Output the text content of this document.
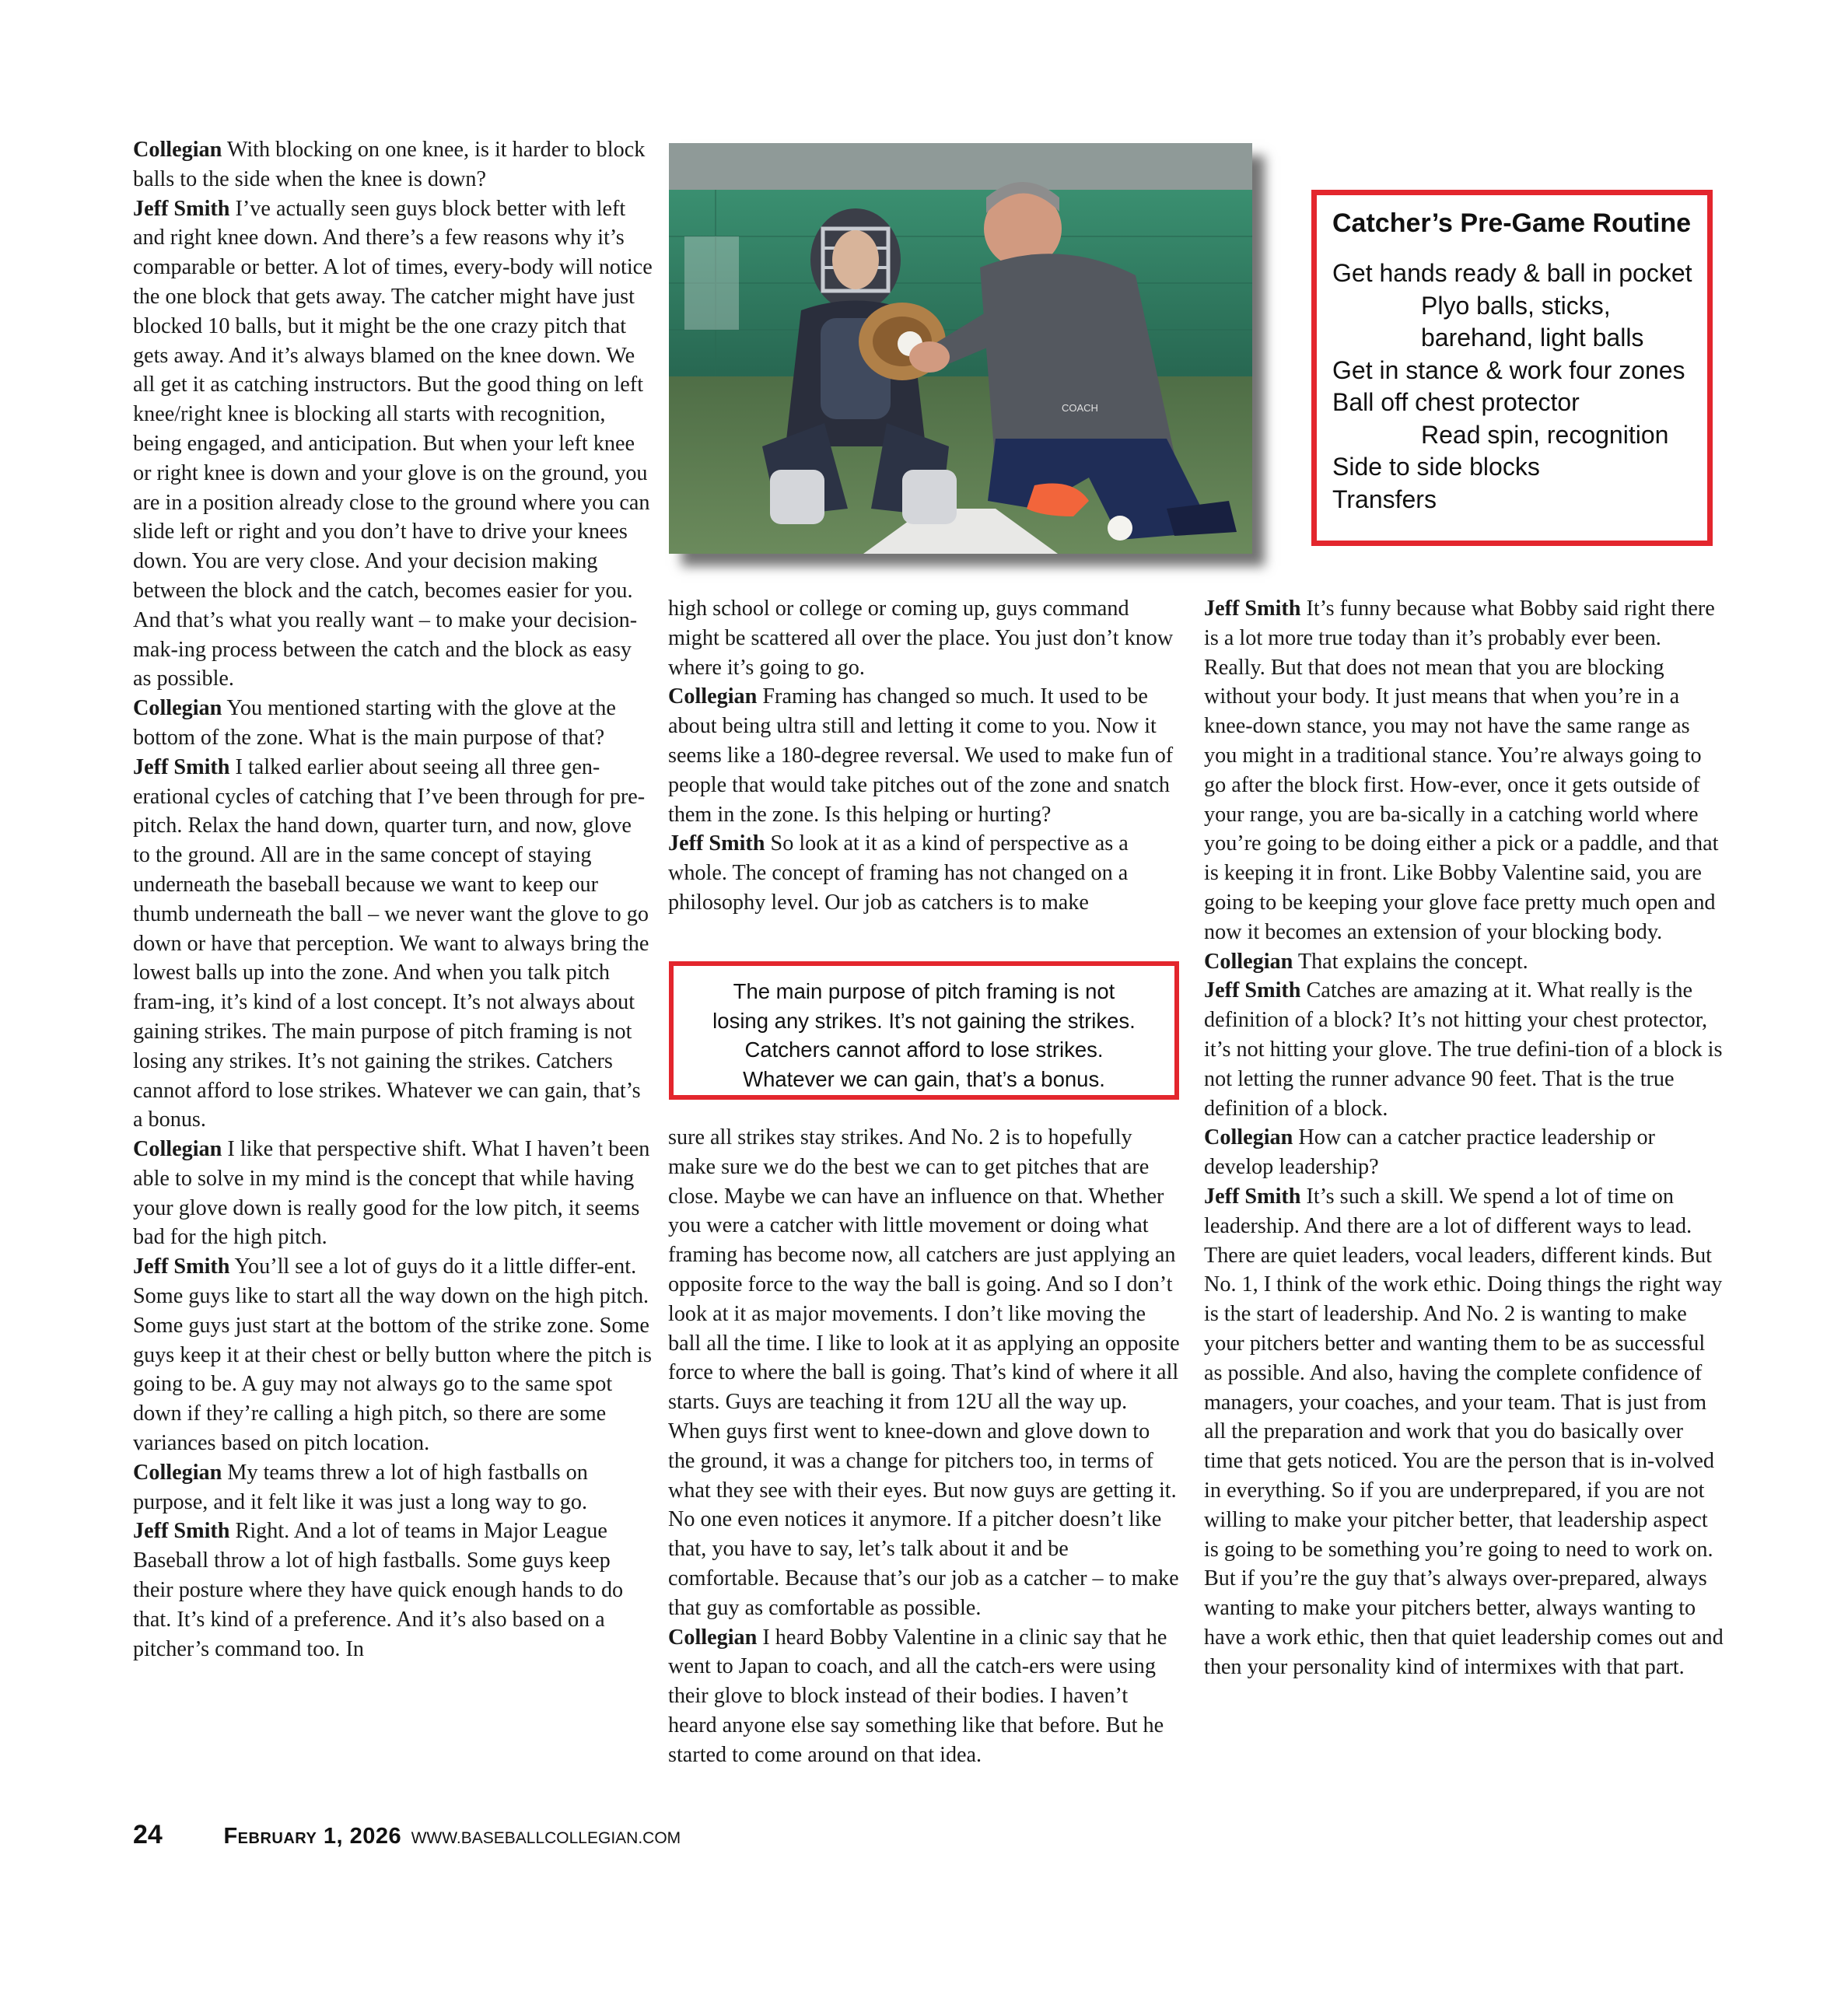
Collegian With blocking on one knee, is it harder to block balls to the side when the knee is down?

Jeff Smith I’ve actually seen guys block better with left and right knee down. And there’s a few reasons why it’s comparable or better. A lot of times, every-body will notice the one block that gets away. The catcher might have just blocked 10 balls, but it might be the one crazy pitch that gets away. And it’s always blamed on the knee down. We all get it as catching instructors. But the good thing on left knee/right knee is blocking all starts with recognition, being engaged, and anticipation. But when your left knee or right knee is down and your glove is on the ground, you are in a position already close to the ground where you can slide left or right and you don’t have to drive your knees down. You are very close. And your decision making between the block and the catch, becomes easier for you. And that’s what you really want – to make your decision-mak-ing process between the catch and the block as easy as possible.

Collegian You mentioned starting with the glove at the bottom of the zone. What is the main purpose of that?

Jeff Smith I talked earlier about seeing all three gen-erational cycles of catching that I’ve been through for pre-pitch. Relax the hand down, quarter turn, and now, glove to the ground. All are in the same concept of staying underneath the baseball because we want to keep our thumb underneath the ball – we never want the glove to go down or have that perception. We want to always bring the lowest balls up into the zone. And when you talk pitch fram-ing, it’s kind of a lost concept. It’s not always about gaining strikes. The main purpose of pitch framing is not losing any strikes. It’s not gaining the strikes. Catchers cannot afford to lose strikes. Whatever we can gain, that’s a bonus.

Collegian I like that perspective shift. What I haven’t been able to solve in my mind is the concept that while having your glove down is really good for the low pitch, it seems bad for the high pitch.

Jeff Smith You’ll see a lot of guys do it a little differ-ent. Some guys like to start all the way down on the high pitch. Some guys just start at the bottom of the strike zone. Some guys keep it at their chest or belly button where the pitch is going to be. A guy may not always go to the same spot down if they’re calling a high pitch, so there are some variances based on pitch location.

Collegian My teams threw a lot of high fastballs on purpose, and it felt like it was just a long way to go.

Jeff Smith Right. And a lot of teams in Major League Baseball throw a lot of high fastballs. Some guys keep their posture where they have quick enough hands to do that. It’s kind of a preference. And it’s also based on a pitcher’s command too. In

high school or college or coming up, guys command might be scattered all over the place. You just don’t know where it’s going to go.

Collegian Framing has changed so much. It used to be about being ultra still and letting it come to you. Now it seems like a 180-degree reversal. We used to make fun of people that would take pitches out of the zone and snatch them in the zone. Is this helping or hurting?

Jeff Smith So look at it as a kind of perspective as a whole. The concept of framing has not changed on a philosophy level. Our job as catchers is to make

sure all strikes stay strikes. And No. 2 is to hopefully make sure we do the best we can to get pitches that are close. Maybe we can have an influence on that. Whether you were a catcher with little movement or doing what framing has become now, all catchers are just applying an opposite force to the way the ball is going. And so I don’t look at it as major movements. I don’t like moving the ball all the time. I like to look at it as applying an opposite force to where the ball is going. That’s kind of where it all starts. Guys are teaching it from 12U all the way up. When guys first went to knee-down and glove down to the ground, it was a change for pitchers too, in terms of what they see with their eyes. But now guys are getting it. No one even notices it anymore. If a pitcher doesn’t like that, you have to say, let’s talk about it and be comfortable. Because that’s our job as a catcher – to make that guy as comfortable as possible.

Collegian I heard Bobby Valentine in a clinic say that he went to Japan to coach, and all the catch-ers were using their glove to block instead of their bodies. I haven’t heard anyone else say something like that before. But he started to come around on that idea.

Jeff Smith It’s funny because what Bobby said right there is a lot more true today than it’s probably ever been. Really. But that does not mean that you are blocking without your body. It just means that when you’re in a knee-down stance, you may not have the same range as you might in a traditional stance. You’re always going to go after the block first. How-ever, once it gets outside of your range, you are ba-sically in a catching world where you’re going to be doing either a pick or a paddle, and that is keeping it in front. Like Bobby Valentine said, you are going to be keeping your glove face pretty much open and now it becomes an extension of your blocking body.

Collegian That explains the concept.

Jeff Smith Catches are amazing at it. What really is the definition of a block? It’s not hitting your chest protector, it’s not hitting your glove. The true defini-tion of a block is not letting the runner advance 90 feet. That is the true definition of a block.

Collegian How can a catcher practice leadership or develop leadership?

Jeff Smith It’s such a skill. We spend a lot of time on leadership. And there are a lot of different ways to lead. There are quiet leaders, vocal leaders, different kinds. But No. 1, I think of the work ethic. Doing things the right way is the start of leadership. And No. 2 is wanting to make your pitchers better and wanting them to be as successful as possible. And also, having the complete confidence of managers, your coaches, and your team. That is just from all the preparation and work that you do basically over time that gets noticed. You are the person that is in-volved in everything. So if you are underprepared, if you are not willing to make your pitcher better, that leadership aspect is going to be something you’re going to need to work on. But if you’re the guy that’s always over-prepared, always wanting to make your pitchers better, always wanting to have a work ethic, then that quiet leadership comes out and then your personality kind of intermixes with that part.

COACH

Catcher’s Pre-Game Routine

Get hands ready & ball in pocket

Plyo balls, sticks,

barehand, light balls

Get in stance & work four zones

Ball off chest protector

Read spin, recognition

Side to side blocks

Transfers

The main purpose of pitch framing is not
losing any strikes. It’s not gaining the strikes.
Catchers cannot afford to lose strikes.
Whatever we can gain, that’s a bonus.
24	February 1, 2026 WWW.BASEBALLCOLLEGIAN.COM
